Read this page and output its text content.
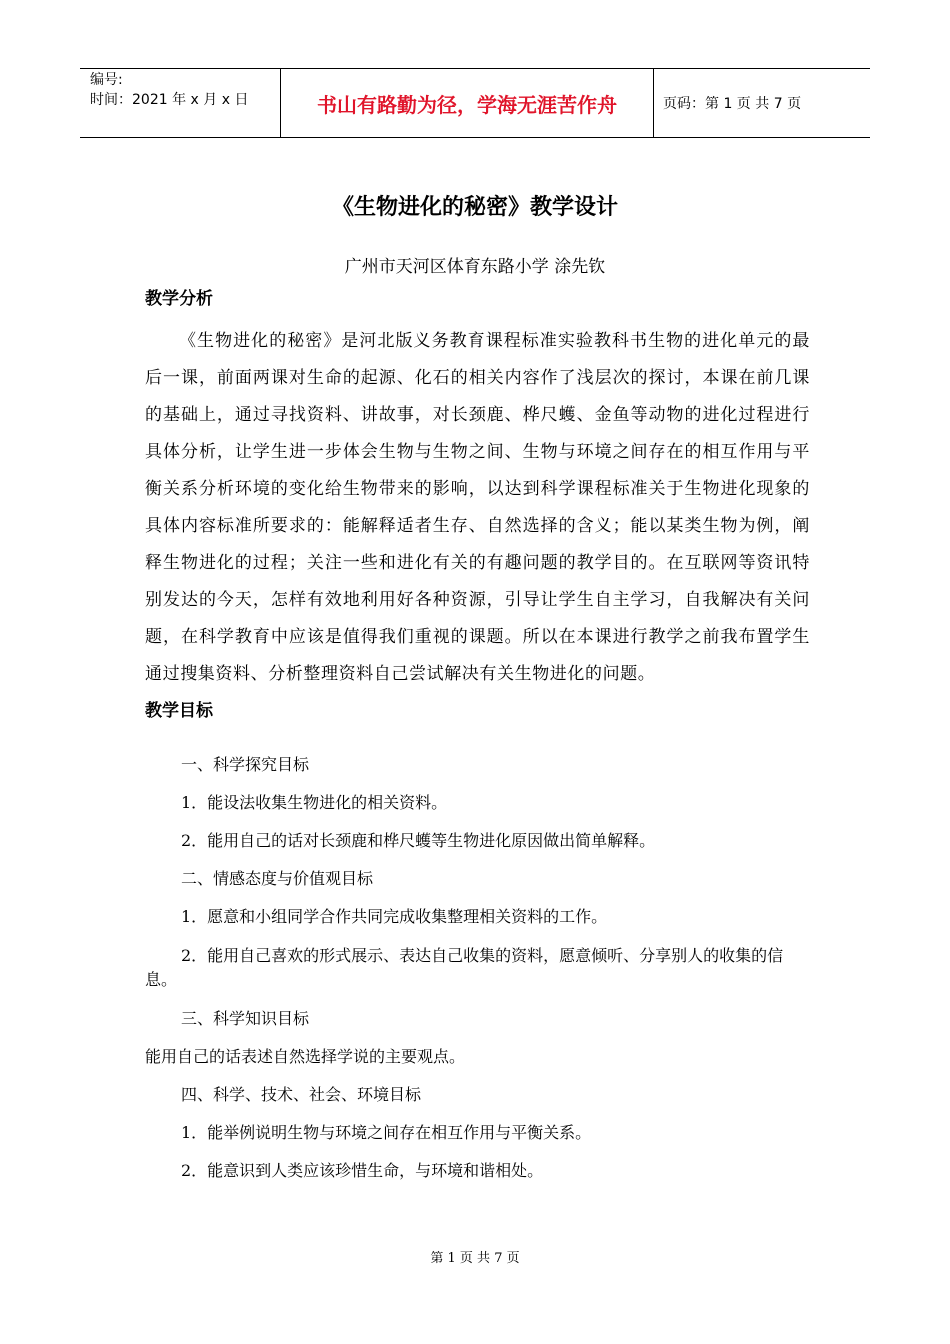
编号:
时间：2021 年 x 月 x 日	书山有路勤为径，学海无涯苦作舟	页码：第 1 页 共 7 页
《生物进化的秘密》教学设计
广州市天河区体育东路小学 涂先钦

教学分析

《生物进化的秘密》是河北版义务教育课程标准实验教科书生物的进化单元的最后一课，前面两课对生命的起源、化石的相关内容作了浅层次的探讨，本课在前几课的基础上，通过寻找资料、讲故事，对长颈鹿、桦尺蠖、金鱼等动物的进化过程进行具体分析，让学生进一步体会生物与生物之间、生物与环境之间存在的相互作用与平衡关系分析环境的变化给生物带来的影响，以达到科学课程标准关于生物进化现象的具体内容标准所要求的：能解释适者生存、自然选择的含义；能以某类生物为例，阐释生物进化的过程；关注一些和进化有关的有趣问题的教学目的。在互联网等资讯特别发达的今天，怎样有效地利用好各种资源，引导让学生自主学习，自我解决有关问题，在科学教育中应该是值得我们重视的课题。所以在本课进行教学之前我布置学生通过搜集资料、分析整理资料自己尝试解决有关生物进化的问题。

教学目标

一、科学探究目标

1．能设法收集生物进化的相关资料。

2．能用自己的话对长颈鹿和桦尺蠖等生物进化原因做出简单解释。

二、情感态度与价值观目标

1．愿意和小组同学合作共同完成收集整理相关资料的工作。

2．能用自己喜欢的形式展示、表达自己收集的资料，愿意倾听、分享别人的收集的信息。

三、科学知识目标

能用自己的话表述自然选择学说的主要观点。

四、科学、技术、社会、环境目标

1．能举例说明生物与环境之间存在相互作用与平衡关系。

2．能意识到人类应该珍惜生命，与环境和谐相处。

第 1 页 共 7 页
